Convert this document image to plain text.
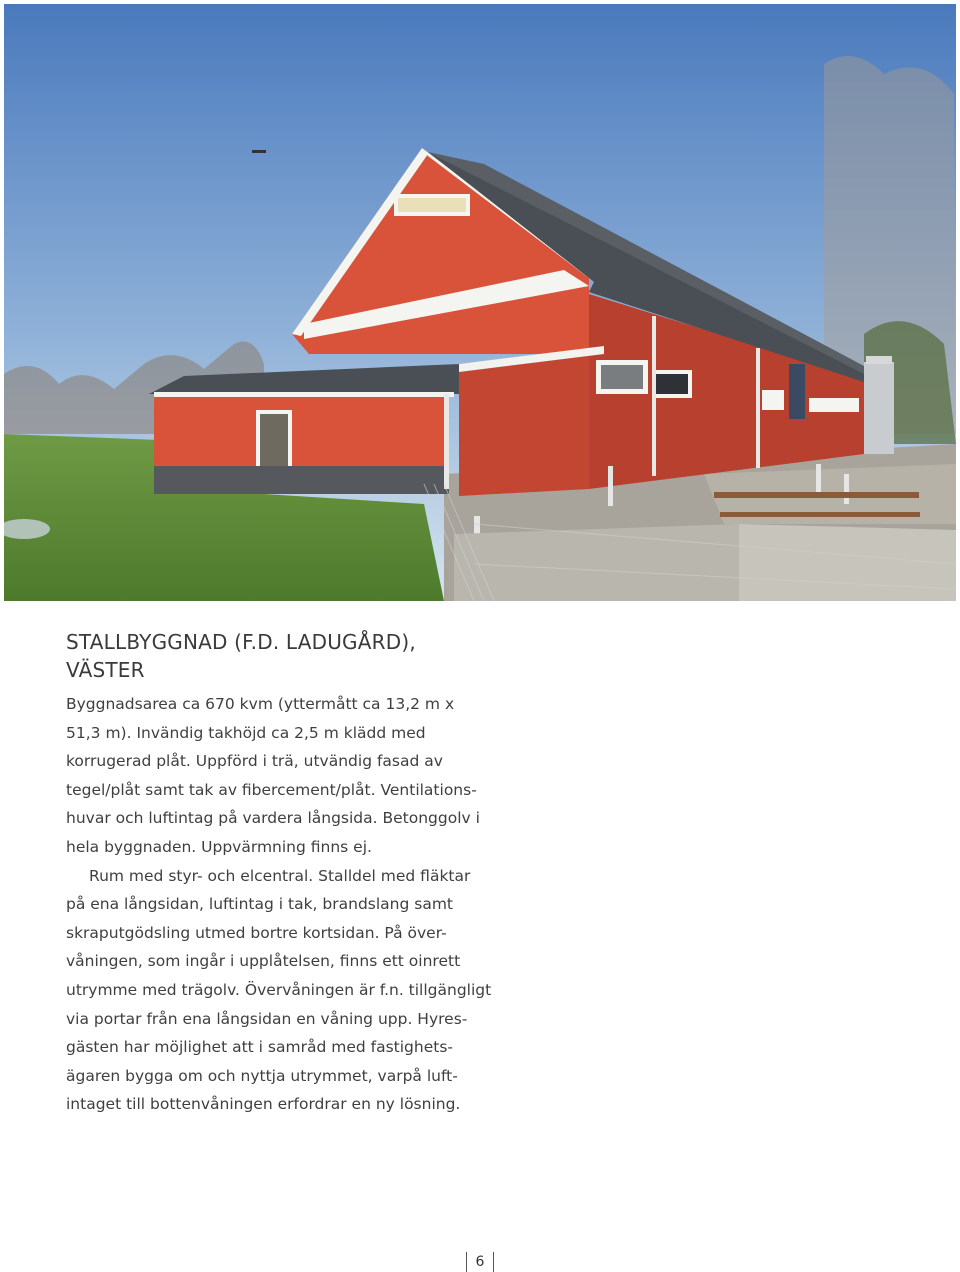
STALLBYGGNAD (F.D. LADUGÅRD), VÄSTER
Byggnadsarea ca 670 kvm (yttermått ca 13,2 m x
51,3 m). Invändig takhöjd ca 2,5 m klädd med
korrugerad plåt. Uppförd i trä, utvändig fasad av
tegel/plåt samt tak av fibercement/plåt. Ventilations-
huvar och luftintag på vardera långsida. Betonggolv i
hela byggnaden. Uppvärmning finns ej.
Rum med styr- och elcentral. Stalldel med fläktar
på ena långsidan, luftintag i tak, brandslang samt
skraputgödsling utmed bortre kortsidan. På över-
våningen, som ingår i upplåtelsen, finns ett oinrett
utrymme med trägolv. Övervåningen är f.n. tillgängligt
via portar från ena långsidan en våning upp. Hyres-
gästen har möjlighet att i samråd med fastighets-
ägaren bygga om och nyttja utrymmet, varpå luft-
intaget till bottenvåningen erfordrar en ny lösning.
6
